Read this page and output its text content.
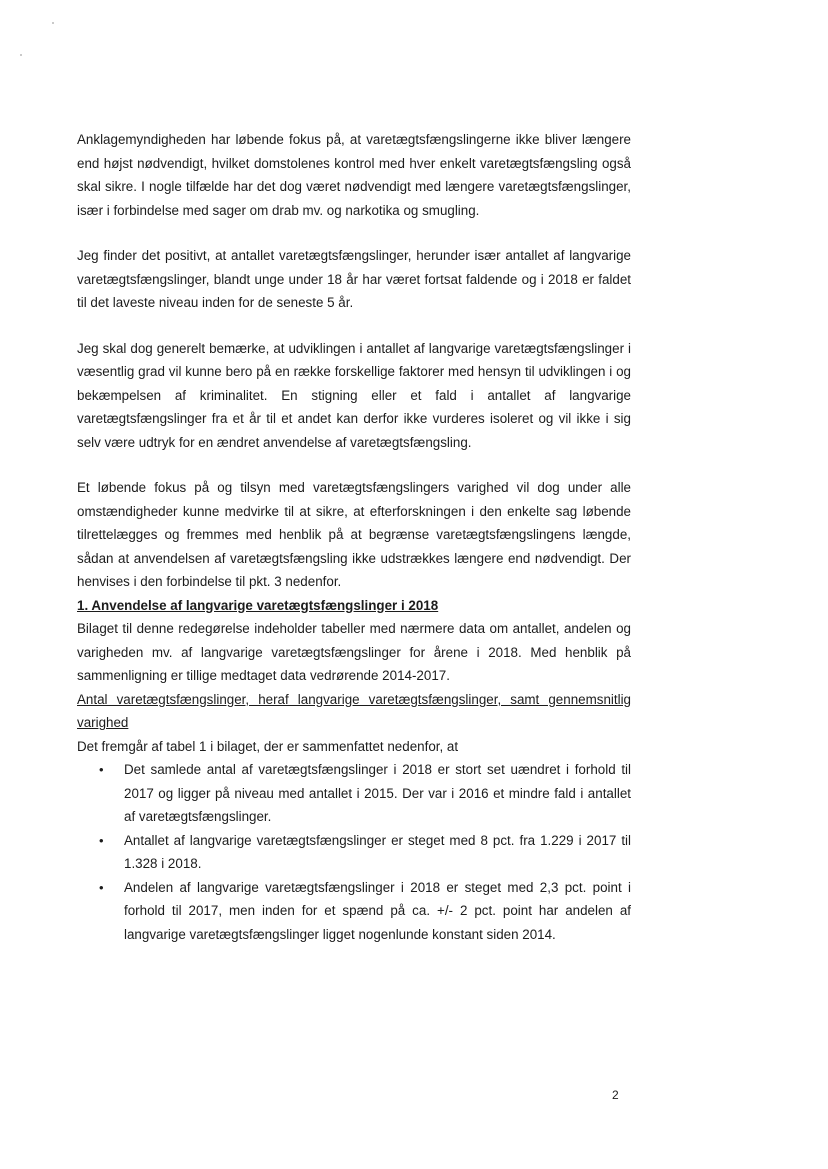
Anklagemyndigheden har løbende fokus på, at varetægtsfængslingerne ikke bliver længere end højst nødvendigt, hvilket domstolenes kontrol med hver enkelt varetægtsfængsling også skal sikre. I nogle tilfælde har det dog været nødvendigt med længere varetægtsfængslinger, især i forbindelse med sager om drab mv. og narkotika og smugling.

Jeg finder det positivt, at antallet varetægtsfængslinger, herunder især antallet af langvarige varetægtsfængslinger, blandt unge under 18 år har været fortsat faldende og i 2018 er faldet til det laveste niveau inden for de seneste 5 år.

Jeg skal dog generelt bemærke, at udviklingen i antallet af langvarige varetægtsfængslinger i væsentlig grad vil kunne bero på en række forskellige faktorer med hensyn til udviklingen i og bekæmpelsen af kriminalitet. En stigning eller et fald i antallet af langvarige varetægtsfængslinger fra et år til et andet kan derfor ikke vurderes isoleret og vil ikke i sig selv være udtryk for en ændret anvendelse af varetægtsfængsling.

Et løbende fokus på og tilsyn med varetægtsfængslingers varighed vil dog under alle omstændigheder kunne medvirke til at sikre, at efterforskningen i den enkelte sag løbende tilrettelægges og fremmes med henblik på at begrænse varetægtsfængslingens længde, sådan at anvendelsen af varetægtsfængsling ikke udstrækkes længere end nødvendigt. Der henvises i den forbindelse til pkt. 3 nedenfor.

1. Anvendelse af langvarige varetægtsfængslinger i 2018

Bilaget til denne redegørelse indeholder tabeller med nærmere data om antallet, andelen og varigheden mv. af langvarige varetægtsfængslinger for årene i 2018. Med henblik på sammenligning er tillige medtaget data vedrørende 2014-2017.

Antal varetægtsfængslinger, heraf langvarige varetægtsfængslinger, samt gennemsnitlig varighed

Det fremgår af tabel 1 i bilaget, der er sammenfattet nedenfor, at

• Det samlede antal af varetægtsfængslinger i 2018 er stort set uændret i forhold til 2017 og ligger på niveau med antallet i 2015. Der var i 2016 et mindre fald i antallet af varetægtsfængslinger.
• Antallet af langvarige varetægtsfængslinger er steget med 8 pct. fra 1.229 i 2017 til 1.328 i 2018.
• Andelen af langvarige varetægtsfængslinger i 2018 er steget med 2,3 pct. point i forhold til 2017, men inden for et spænd på ca. +/- 2 pct. point har andelen af langvarige varetægtsfængslinger ligget nogenlunde konstant siden 2014.
2
